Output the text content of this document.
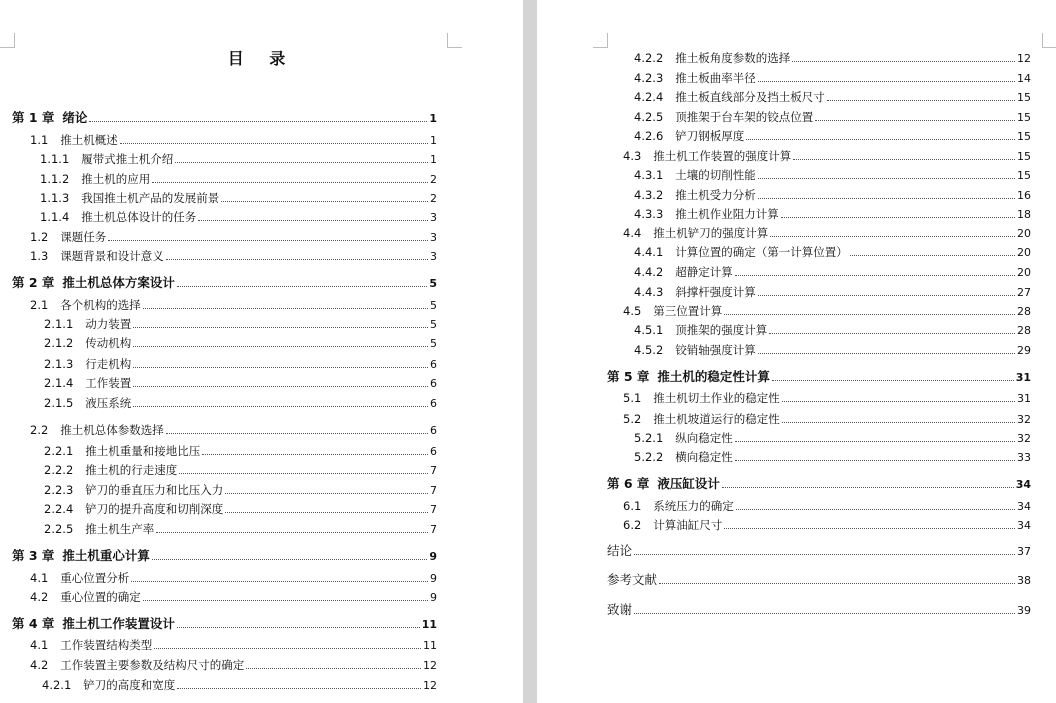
目 录
第 1 章 绪论	1
1.1 推土机概述	1
1.1.1 履带式推土机介绍	1
1.1.2 推土机的应用	2
1.1.3 我国推土机产品的发展前景	2
1.1.4 推土机总体设计的任务	3
1.2 课题任务	3
1.3 课题背景和设计意义	3
第 2 章 推土机总体方案设计	5
2.1 各个机构的选择	5
2.1.1 动力装置	5
2.1.2 传动机构	5
2.1.3 行走机构	6
2.1.4 工作装置	6
2.1.5 液压系统	6
2.2 推土机总体参数选择	6
2.2.1 推土机重量和接地比压	6
2.2.2 推土机的行走速度	7
2.2.3 铲刀的垂直压力和比压入力	7
2.2.4 铲刀的提升高度和切削深度	7
2.2.5 推土机生产率	7
第 3 章 推土机重心计算	9
4.1 重心位置分析	9
4.2 重心位置的确定	9
第 4 章 推土机工作装置设计	11
4.1 工作装置结构类型	11
4.2 工作装置主要参数及结构尺寸的确定	12
4.2.1 铲刀的高度和宽度	12
4.2.2 推土板角度参数的选择	12
4.2.3 推土板曲率半径	14
4.2.4 推土板直线部分及挡土板尺寸	15
4.2.5 顶推架于台车架的铰点位置	15
4.2.6 铲刀钢板厚度	15
4.3 推土机工作装置的强度计算	15
4.3.1 土壤的切削性能	15
4.3.2 推土机受力分析	16
4.3.3 推土机作业阻力计算	18
4.4 推土机铲刀的强度计算	20
4.4.1 计算位置的确定（第一计算位置）	20
4.4.2 超静定计算	20
4.4.3 斜撑杆强度计算	27
4.5 第三位置计算	28
4.5.1 顶推架的强度计算	28
4.5.2 铰销轴强度计算	29
第 5 章 推土机的稳定性计算	31
5.1 推土机切土作业的稳定性	31
5.2 推土机坡道运行的稳定性	32
5.2.1 纵向稳定性	32
5.2.2 横向稳定性	33
第 6 章 液压缸设计	34
6.1 系统压力的确定	34
6.2 计算油缸尺寸	34
结论	37
参考文献	38
致谢	39
